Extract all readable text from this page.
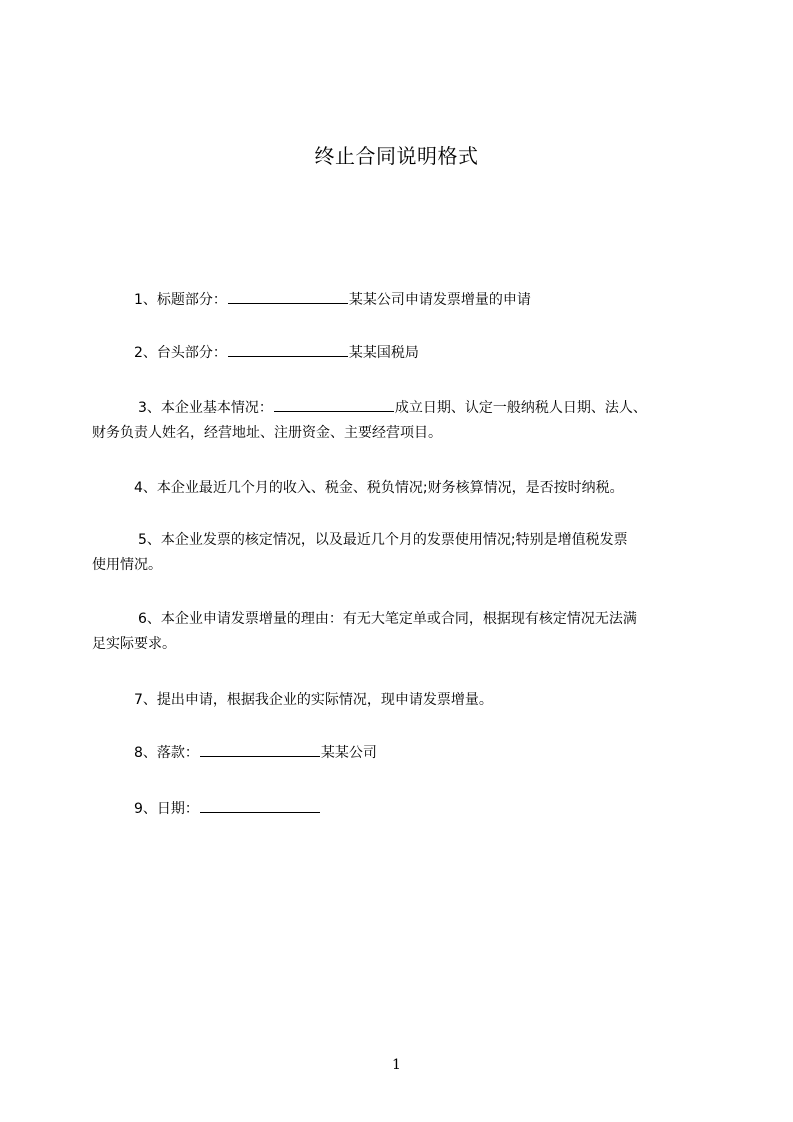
终止合同说明格式
1、标题部分：	某某公司申请发票增量的申请
2、台头部分：	某某国税局
3、本企业基本情况：	成立日期、认定一般纳税人日期、法人、
财务负责人姓名，经营地址、注册资金、主要经营项目。
4、本企业最近几个月的收入、税金、税负情况;财务核算情况，是否按时纳税。
5、本企业发票的核定情况，以及最近几个月的发票使用情况;特别是增值税发票
使用情况。
6、本企业申请发票增量的理由：有无大笔定单或合同，根据现有核定情况无法满
足实际要求。
7、提出申请，根据我企业的实际情况，现申请发票增量。
8、落款：	某某公司
9、日期：
1
